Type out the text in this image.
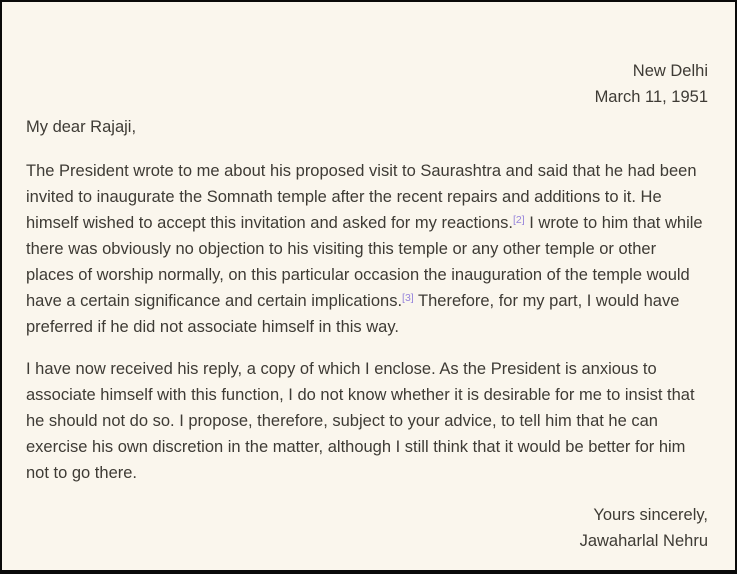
New Delhi
March 11, 1951

My dear Rajaji,

The President wrote to me about his proposed visit to Saurashtra and said that he had been invited to inaugurate the Somnath temple after the recent repairs and additions to it. He himself wished to accept this invitation and asked for my reactions.[2] I wrote to him that while there was obviously no objection to his visiting this temple or any other temple or other places of worship normally, on this particular occasion the inauguration of the temple would have a certain significance and certain implications.[3] Therefore, for my part, I would have preferred if he did not associate himself in this way.

I have now received his reply, a copy of which I enclose. As the President is anxious to associate himself with this function, I do not know whether it is desirable for me to insist that he should not do so. I propose, therefore, subject to your advice, to tell him that he can exercise his own discretion in the matter, although I still think that it would be better for him not to go there.

Yours sincerely,
Jawaharlal Nehru
